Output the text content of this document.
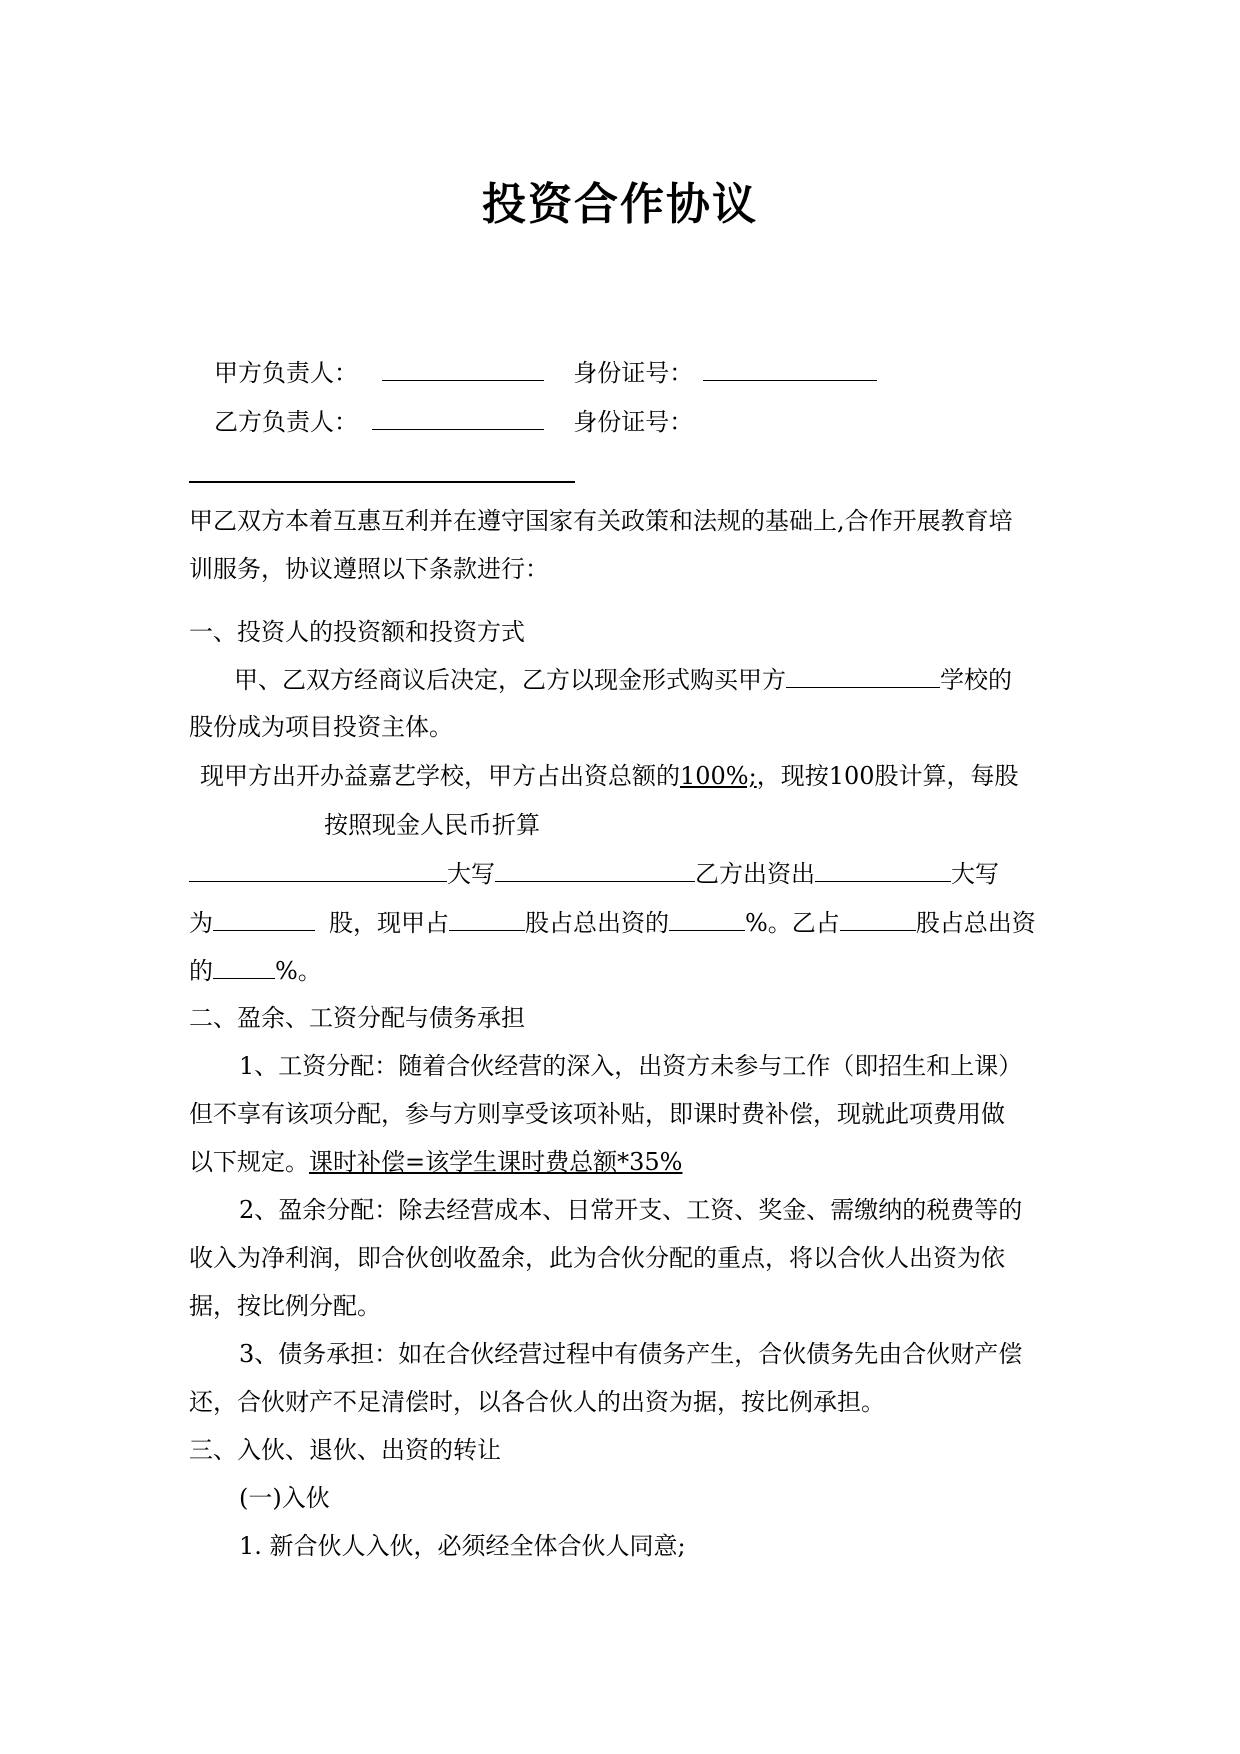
投资合作协议
甲方负责人：	身份证号：
乙方负责人：	身份证号：
甲乙双方本着互惠互利并在遵守国家有关政策和法规的基础上,合作开展教育培
训服务，协议遵照以下条款进行：
一、投资人的投资额和投资方式
甲、乙双方经商议后决定，乙方以现金形式购买甲方	学校的
股份成为项目投资主体。
现甲方出开办益嘉艺学校，甲方占出资总额的100%;，现按100股计算，每股
按照现金人民币折算
大写	乙方出资出	大写
为	股，现甲占	股占总出资的	%。乙占	股占总出资
的	%。
二、盈余、工资分配与债务承担
1、工资分配：随着合伙经营的深入，出资方未参与工作（即招生和上课）
但不享有该项分配，参与方则享受该项补贴，即课时费补偿，现就此项费用做
以下规定。课时补偿=该学生课时费总额*35%
2、盈余分配：除去经营成本、日常开支、工资、奖金、需缴纳的税费等的
收入为净利润，即合伙创收盈余，此为合伙分配的重点，将以合伙人出资为依
据，按比例分配。
3、债务承担：如在合伙经营过程中有债务产生，合伙债务先由合伙财产偿
还，合伙财产不足清偿时，以各合伙人的出资为据，按比例承担。
三、入伙、退伙、出资的转让
(一)入伙
1. 新合伙人入伙，必须经全体合伙人同意;
